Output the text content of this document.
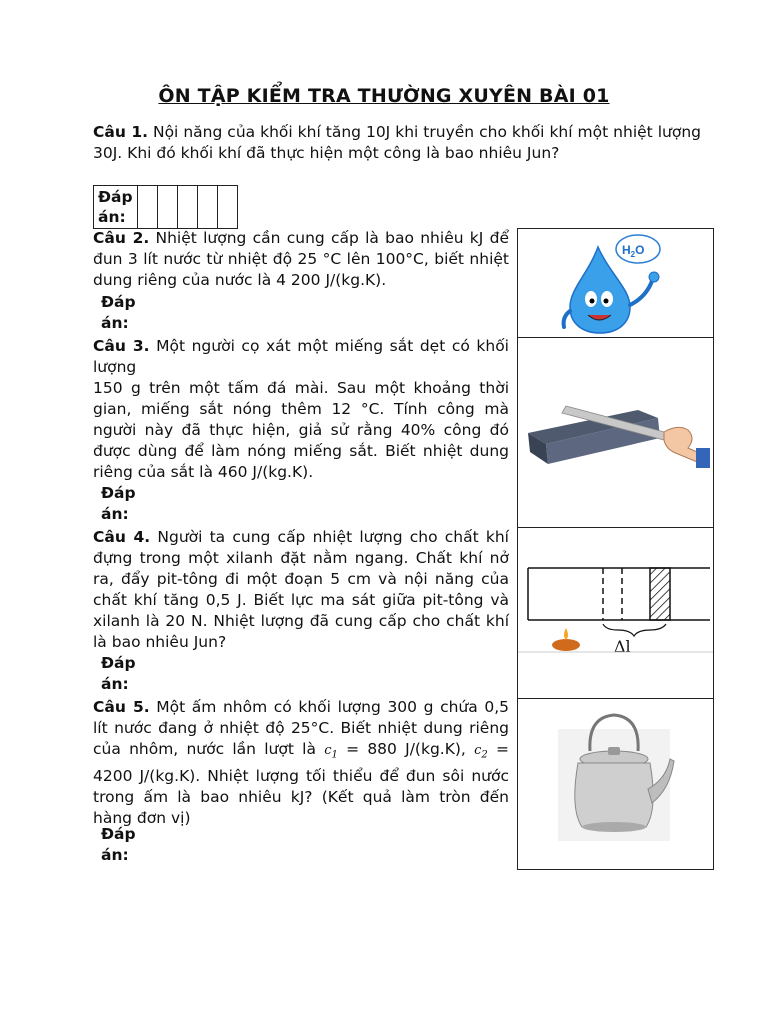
ÔN TẬP KIỂM TRA THƯỜNG XUYÊN BÀI 01
Câu 1. Nội năng của khối khí tăng 10J khi truyền cho khối khí một nhiệt lượng 30J. Khi đó khối khí đã thực hiện một công là bao nhiêu Jun?
Đáp
án:

Câu 2. Nhiệt lượng cần cung cấp là bao nhiêu kJ để đun 3 lít nước từ nhiệt độ 25 °C lên 100°C, biết nhiệt dung riêng của nước là 4 200 J/(kg.K).
Đáp
án:
Câu 3. Một người cọ xát một miếng sắt dẹt có khối lượng
150 g trên một tấm đá mài. Sau một khoảng thời gian, miếng sắt nóng thêm 12 °C. Tính công mà người này đã thực hiện, giả sử rằng 40% công đó được dùng để làm nóng miếng sắt. Biết nhiệt dung riêng của sắt là 460 J/(kg.K).
Đáp
án:
Câu 4. Người ta cung cấp nhiệt lượng cho chất khí đựng trong một xilanh đặt nằm ngang. Chất khí nở ra, đẩy pit-tông đi một đoạn 5 cm và nội năng của chất khí tăng 0,5 J. Biết lực ma sát giữa pit-tông và xilanh là 20 N. Nhiệt lượng đã cung cấp cho chất khí là bao nhiêu Jun?
Đáp
án:
Câu 5. Một ấm nhôm có khối lượng 300 g chứa 0,5 lít nước đang ở nhiệt độ 25°C. Biết nhiệt dung riêng của nhôm, nước lần lượt là $c_1 = 880$ J/(kg.K), $c_2 = 4200$ J/(kg.K). Nhiệt lượng tối thiểu để đun sôi nước trong ấm là bao nhiêu kJ? (Kết quả làm tròn đến hàng đơn vị)
Đáp
án:
$H_2O$
Δl
